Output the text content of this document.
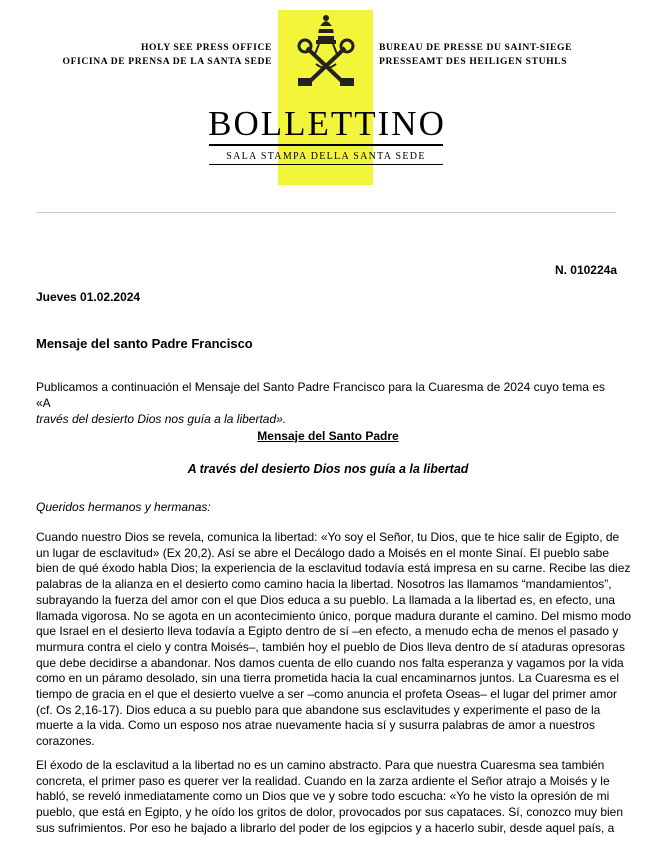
HOLY SEE PRESS OFFICE
OFICINA DE PRENSA DE LA SANTA SEDE
BUREAU DE PRESSE DU SAINT-SIEGE
PRESSEAMT DES HEILIGEN STUHLS
BOLLETTINO
SALA STAMPA DELLA SANTA SEDE
N. 010224a
Jueves 01.02.2024
Mensaje del santo Padre Francisco
Publicamos a continuación el Mensaje del Santo Padre Francisco para la Cuaresma de 2024 cuyo tema es «A
través del desierto Dios nos guía a la libertad».
Mensaje del Santo Padre
A través del desierto Dios nos guía a la libertad
Queridos hermanos y hermanas:
Cuando nuestro Dios se revela, comunica la libertad: «Yo soy el Señor, tu Dios, que te hice salir de Egipto, de
un lugar de esclavitud» (Ex 20,2). Así se abre el Decálogo dado a Moisés en el monte Sinaí. El pueblo sabe
bien de qué éxodo habla Dios; la experiencia de la esclavitud todavía está impresa en su carne. Recibe las diez
palabras de la alianza en el desierto como camino hacia la libertad. Nosotros las llamamos “mandamientos”,
subrayando la fuerza del amor con el que Dios educa a su pueblo. La llamada a la libertad es, en efecto, una
llamada vigorosa. No se agota en un acontecimiento único, porque madura durante el camino. Del mismo modo
que Israel en el desierto lleva todavía a Egipto dentro de sí –en efecto, a menudo echa de menos el pasado y
murmura contra el cielo y contra Moisés–, también hoy el pueblo de Dios lleva dentro de sí ataduras opresoras
que debe decidirse a abandonar. Nos damos cuenta de ello cuando nos falta esperanza y vagamos por la vida
como en un páramo desolado, sin una tierra prometida hacia la cual encaminarnos juntos. La Cuaresma es el
tiempo de gracia en el que el desierto vuelve a ser –como anuncia el profeta Oseas– el lugar del primer amor
(cf. Os 2,16-17). Dios educa a su pueblo para que abandone sus esclavitudes y experimente el paso de la
muerte a la vida. Como un esposo nos atrae nuevamente hacia sí y susurra palabras de amor a nuestros
corazones.
El éxodo de la esclavitud a la libertad no es un camino abstracto. Para que nuestra Cuaresma sea también
concreta, el primer paso es querer ver la realidad. Cuando en la zarza ardiente el Señor atrajo a Moisés y le
habló, se reveló inmediatamente como un Dios que ve y sobre todo escucha: «Yo he visto la opresión de mi
pueblo, que está en Egipto, y he oído los gritos de dolor, provocados por sus capataces. Sí, conozco muy bien
sus sufrimientos. Por eso he bajado a librarlo del poder de los egipcios y a hacerlo subir, desde aquel país, a
